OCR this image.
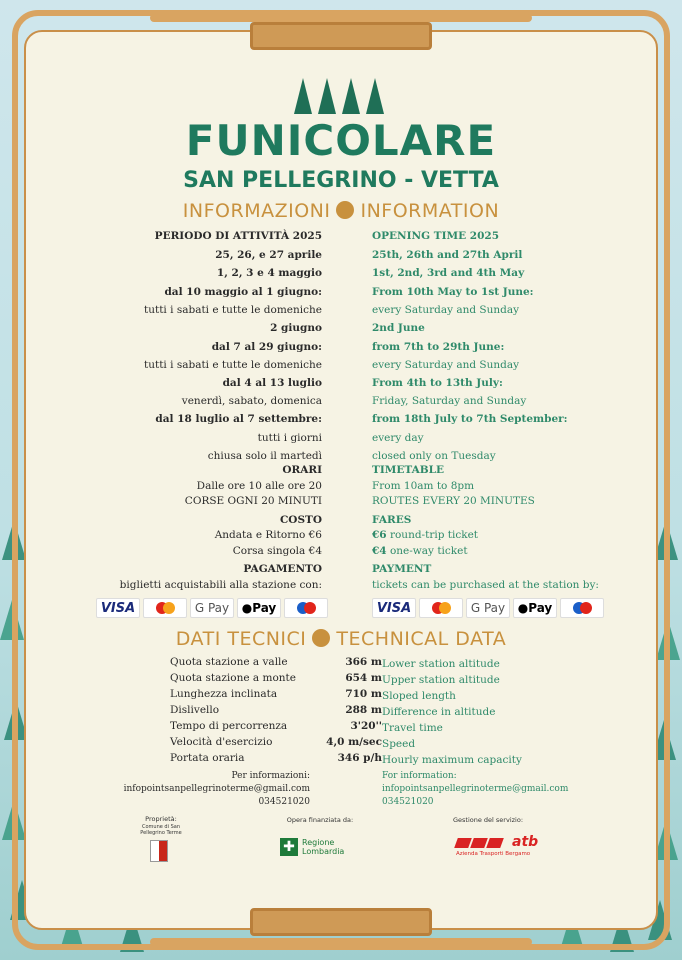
FUNICOLARE
SAN PELLEGRINO - VETTA
INFORMAZIONI INFORMATION
PERIODO DI ATTIVITÀ 2025	OPENING TIME 2025
25, 26, e 27 aprile	25th, 26th and 27th April
1, 2, 3 e 4 maggio	1st, 2nd, 3rd and 4th May
dal 10 maggio al 1 giugno:	From 10th May to 1st June:
tutti i sabati e tutte le domeniche	every Saturday and Sunday
2 giugno	2nd June
dal 7 al 29 giugno:	from 7th to 29th June:
tutti i sabati e tutte le domeniche	every Saturday and Sunday
dal 4 al 13 luglio	From 4th to 13th July:
venerdì, sabato, domenica	Friday, Saturday and Sunday
dal 18 luglio al 7 settembre:	from 18th July to 7th September:
tutti i giorni	every day
chiusa solo il martedì	closed only on Tuesday
ORARI	TIMETABLE
Dalle ore 10 alle ore 20	From 10am to 8pm
CORSE OGNI 20 MINUTI	ROUTES EVERY 20 MINUTES
COSTO	FARES
Andata e Ritorno €6	€6 round-trip ticket
Corsa singola €4	€4 one-way ticket
PAGAMENTO	PAYMENT
biglietti acquistabili alla stazione con:	tickets can be purchased at the station by:
VISA	G Pay	● Pay	VISA	G Pay	● Pay
DATI TECNICI TECHNICAL DATA
Quota stazione a valle	366 m Lower station altitude
Quota stazione a monte	654 m Upper station altitude
Lunghezza inclinata	710 m Sloped length
Dislivello	288 m Difference in altitude
Tempo di percorrenza	3'20'' Travel time
Velocità d'esercizio	4,0 m/sec Speed
Portata oraria	346 p/h Hourly maximum capacity
Per informazioni:
infopointsanpellegrinoterme@gmail.com
034521020
For information:
infopointsanpellegrinoterme@gmail.com
034521020
Proprietà:
Comune di San Pellegrino Terme
Opera finanziata da:
✚ Regione
Lombardia
Gestione del servizio:
atb
Azienda Trasporti Bergamo
